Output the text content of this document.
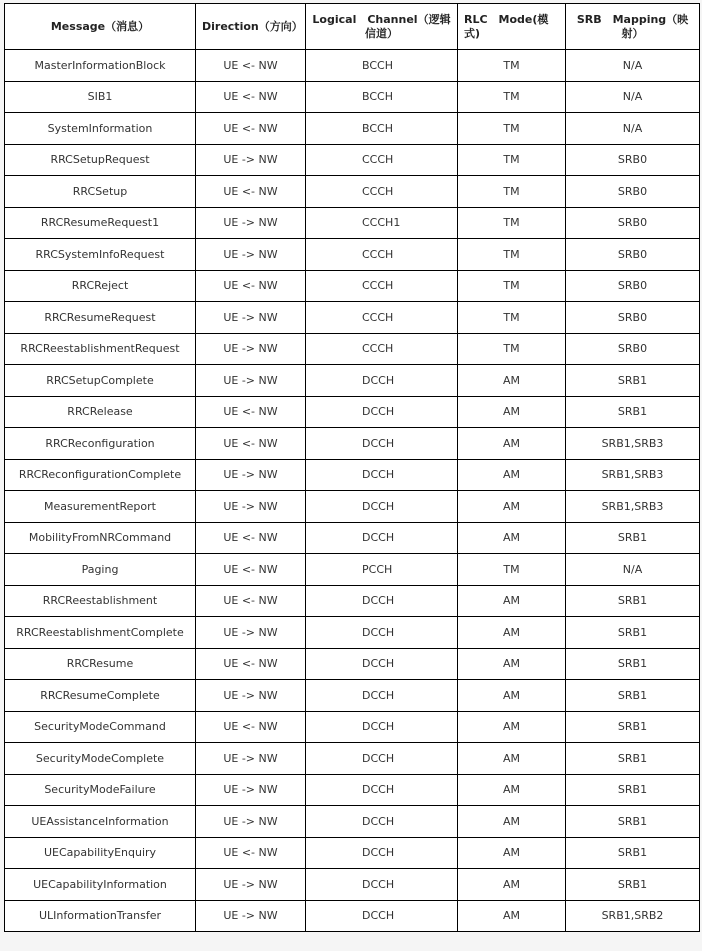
Message（消息）	Direction（方向）	Logical　Channel（逻辑信道）	RLC　Mode(模式)	SRB　Mapping（映射）
MasterInformationBlock	UE <- NW	BCCH	TM	N/A
SIB1	UE <- NW	BCCH	TM	N/A
SystemInformation	UE <- NW	BCCH	TM	N/A
RRCSetupRequest	UE -> NW	CCCH	TM	SRB0
RRCSetup	UE <- NW	CCCH	TM	SRB0
RRCResumeRequest1	UE -> NW	CCCH1	TM	SRB0
RRCSystemInfoRequest	UE -> NW	CCCH	TM	SRB0
RRCReject	UE <- NW	CCCH	TM	SRB0
RRCResumeRequest	UE -> NW	CCCH	TM	SRB0
RRCReestablishmentRequest	UE -> NW	CCCH	TM	SRB0
RRCSetupComplete	UE -> NW	DCCH	AM	SRB1
RRCRelease	UE <- NW	DCCH	AM	SRB1
RRCReconfiguration	UE <- NW	DCCH	AM	SRB1,SRB3
RRCReconfigurationComplete	UE -> NW	DCCH	AM	SRB1,SRB3
MeasurementReport	UE -> NW	DCCH	AM	SRB1,SRB3
MobilityFromNRCommand	UE <- NW	DCCH	AM	SRB1
Paging	UE <- NW	PCCH	TM	N/A
RRCReestablishment	UE <- NW	DCCH	AM	SRB1
RRCReestablishmentComplete	UE -> NW	DCCH	AM	SRB1
RRCResume	UE <- NW	DCCH	AM	SRB1
RRCResumeComplete	UE -> NW	DCCH	AM	SRB1
SecurityModeCommand	UE <- NW	DCCH	AM	SRB1
SecurityModeComplete	UE -> NW	DCCH	AM	SRB1
SecurityModeFailure	UE -> NW	DCCH	AM	SRB1
UEAssistanceInformation	UE -> NW	DCCH	AM	SRB1
UECapabilityEnquiry	UE <- NW	DCCH	AM	SRB1
UECapabilityInformation	UE -> NW	DCCH	AM	SRB1
ULInformationTransfer	UE -> NW	DCCH	AM	SRB1,SRB2
